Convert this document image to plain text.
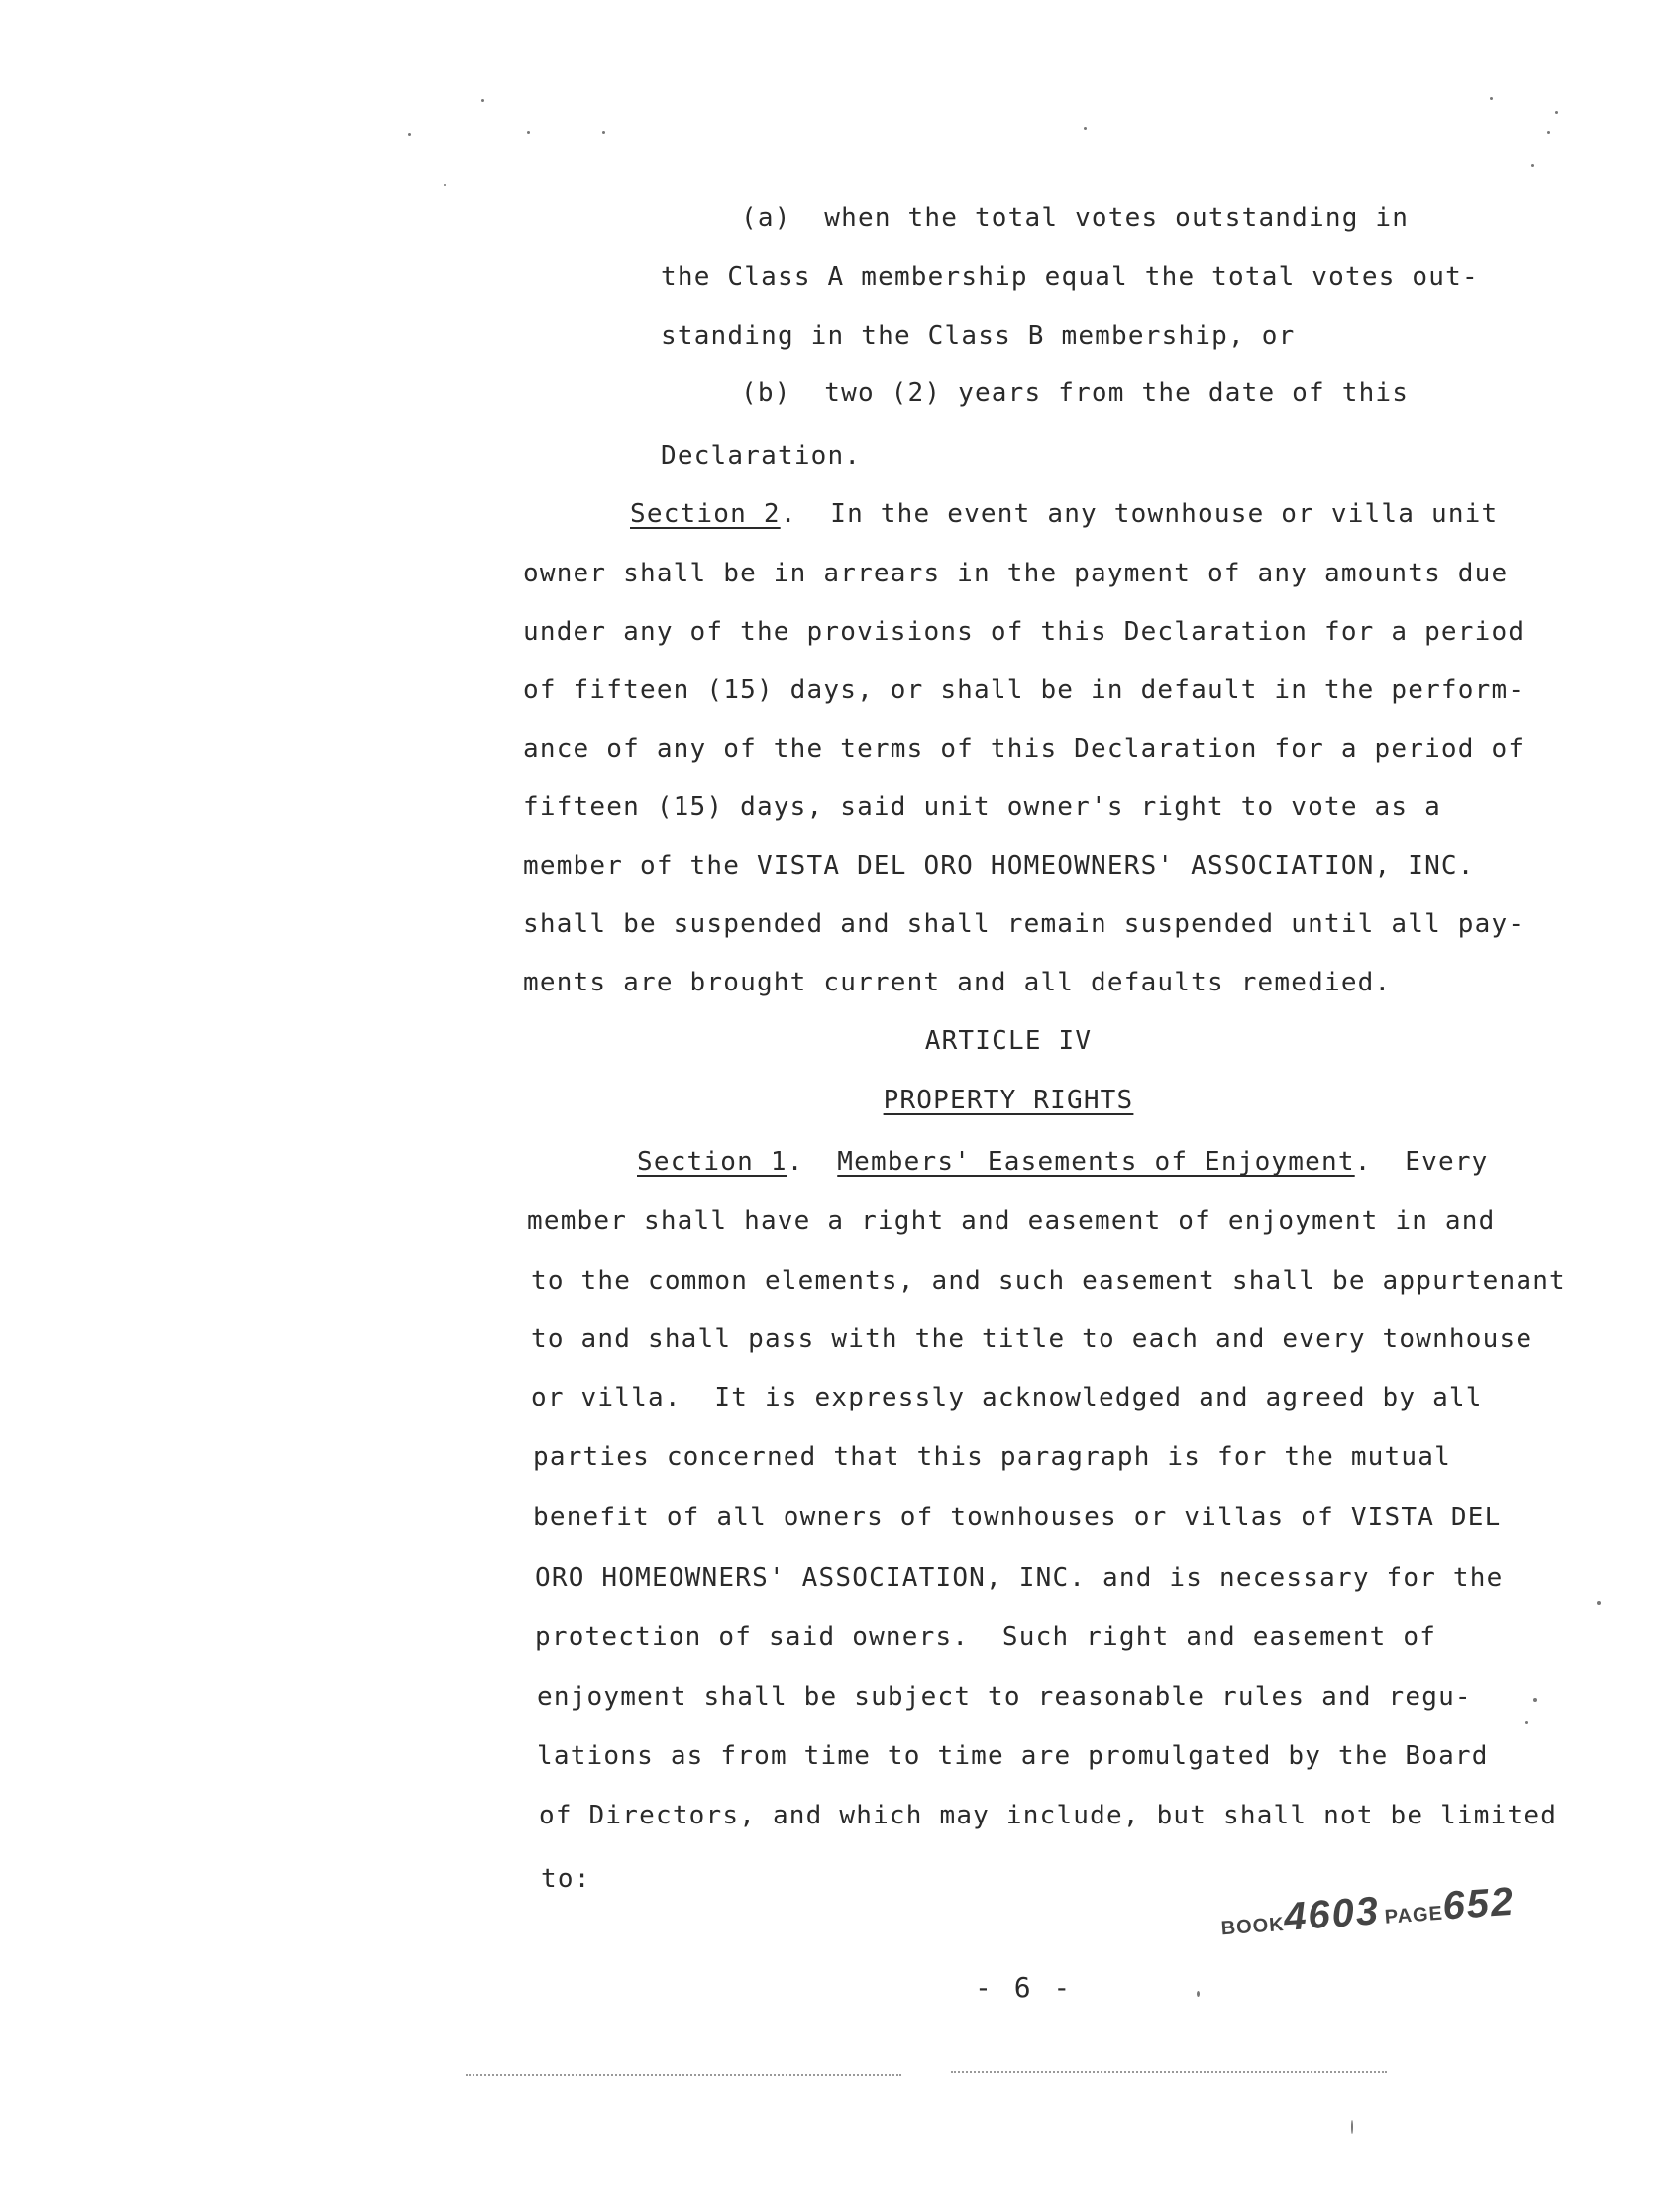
(a)  when the total votes outstanding in
the Class A membership equal the total votes out-
standing in the Class B membership, or
(b)  two (2) years from the date of this
Declaration.
Section 2.  In the event any townhouse or villa unit
owner shall be in arrears in the payment of any amounts due
under any of the provisions of this Declaration for a period
of fifteen (15) days, or shall be in default in the perform-
ance of any of the terms of this Declaration for a period of
fifteen (15) days, said unit owner's right to vote as a
member of the VISTA DEL ORO HOMEOWNERS' ASSOCIATION, INC.
shall be suspended and shall remain suspended until all pay-
ments are brought current and all defaults remedied.
ARTICLE IV
PROPERTY RIGHTS
Section 1.  Members' Easements of Enjoyment.  Every
member shall have a right and easement of enjoyment in and
to the common elements, and such easement shall be appurtenant
to and shall pass with the title to each and every townhouse
or villa.  It is expressly acknowledged and agreed by all
parties concerned that this paragraph is for the mutual
benefit of all owners of townhouses or villas of VISTA DEL
ORO HOMEOWNERS' ASSOCIATION, INC. and is necessary for the
protection of said owners.  Such right and easement of
enjoyment shall be subject to reasonable rules and regu-
lations as from time to time are promulgated by the Board
of Directors, and which may include, but shall not be limited
to:
BOOK4603 PAGE652
- 6 -
